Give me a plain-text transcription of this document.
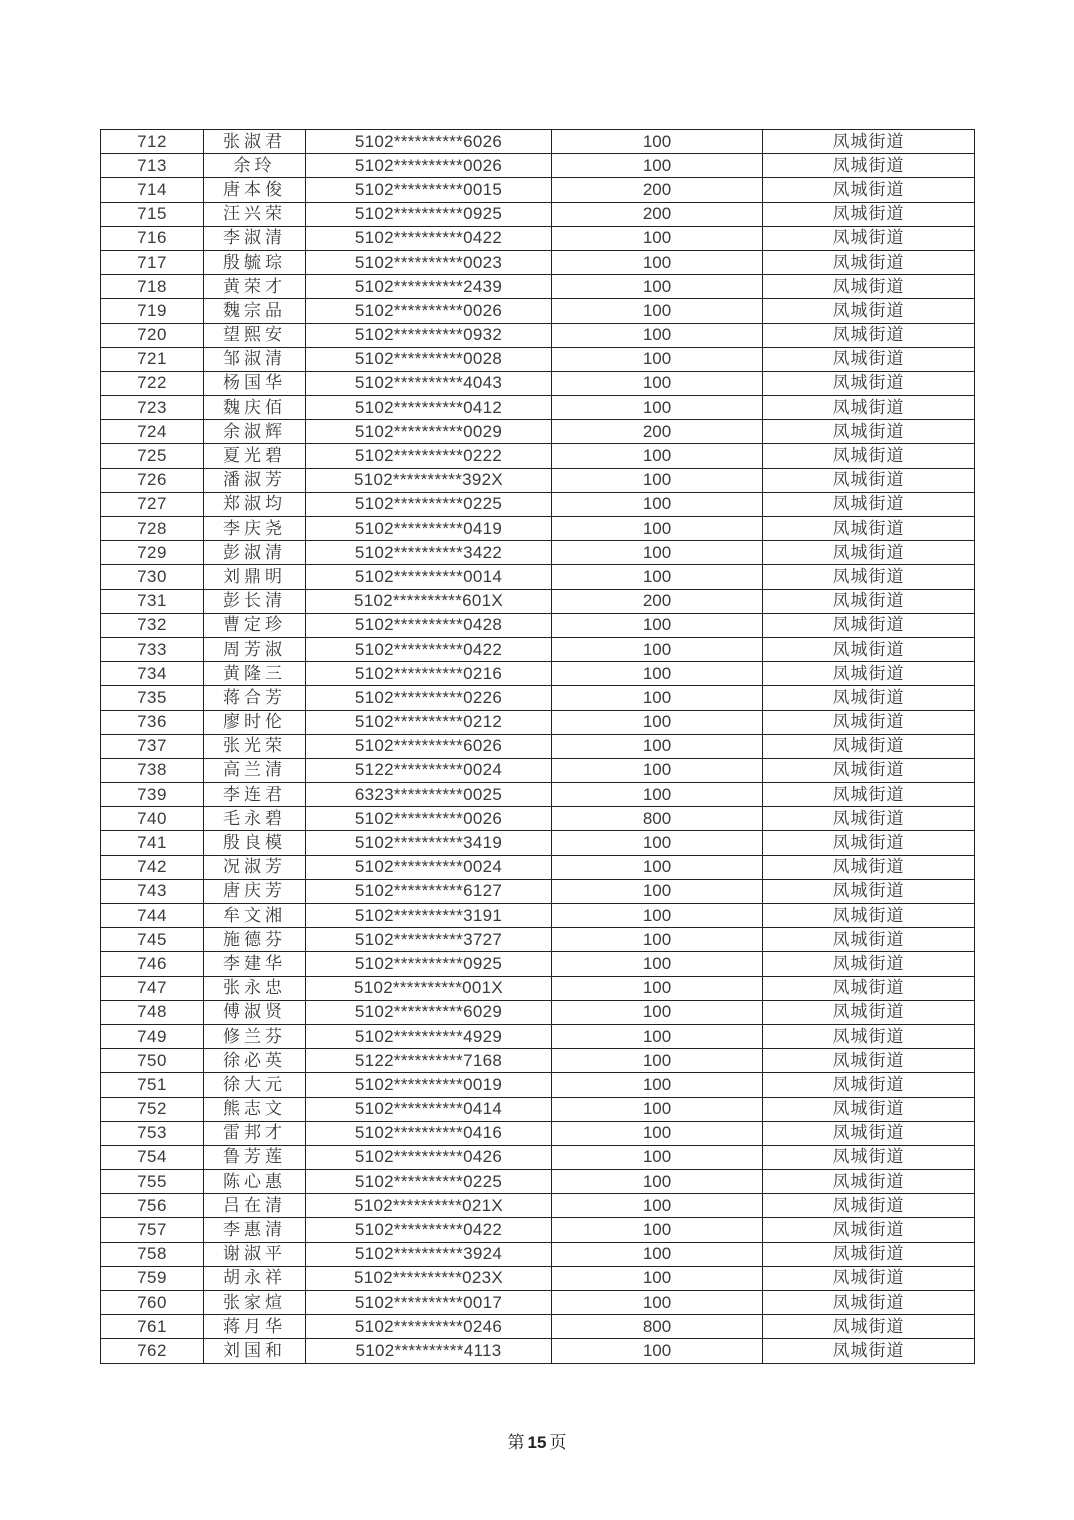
712	张淑君	5102**********6026	100	凤城街道
713	余玲	5102**********0026	100	凤城街道
714	唐本俊	5102**********0015	200	凤城街道
715	汪兴荣	5102**********0925	200	凤城街道
716	李淑清	5102**********0422	100	凤城街道
717	殷毓琮	5102**********0023	100	凤城街道
718	黄荣才	5102**********2439	100	凤城街道
719	魏宗品	5102**********0026	100	凤城街道
720	望熙安	5102**********0932	100	凤城街道
721	邹淑清	5102**********0028	100	凤城街道
722	杨国华	5102**********4043	100	凤城街道
723	魏庆佰	5102**********0412	100	凤城街道
724	余淑辉	5102**********0029	200	凤城街道
725	夏光碧	5102**********0222	100	凤城街道
726	潘淑芳	5102**********392X	100	凤城街道
727	郑淑均	5102**********0225	100	凤城街道
728	李庆尧	5102**********0419	100	凤城街道
729	彭淑清	5102**********3422	100	凤城街道
730	刘鼎明	5102**********0014	100	凤城街道
731	彭长清	5102**********601X	200	凤城街道
732	曹定珍	5102**********0428	100	凤城街道
733	周芳淑	5102**********0422	100	凤城街道
734	黄隆三	5102**********0216	100	凤城街道
735	蒋合芳	5102**********0226	100	凤城街道
736	廖时伦	5102**********0212	100	凤城街道
737	张光荣	5102**********6026	100	凤城街道
738	高兰清	5122**********0024	100	凤城街道
739	李连君	6323**********0025	100	凤城街道
740	毛永碧	5102**********0026	800	凤城街道
741	殷良模	5102**********3419	100	凤城街道
742	况淑芳	5102**********0024	100	凤城街道
743	唐庆芳	5102**********6127	100	凤城街道
744	牟文湘	5102**********3191	100	凤城街道
745	施德芬	5102**********3727	100	凤城街道
746	李建华	5102**********0925	100	凤城街道
747	张永忠	5102**********001X	100	凤城街道
748	傅淑贤	5102**********6029	100	凤城街道
749	修兰芬	5102**********4929	100	凤城街道
750	徐必英	5122**********7168	100	凤城街道
751	徐大元	5102**********0019	100	凤城街道
752	熊志文	5102**********0414	100	凤城街道
753	雷邦才	5102**********0416	100	凤城街道
754	鲁芳莲	5102**********0426	100	凤城街道
755	陈心惠	5102**********0225	100	凤城街道
756	吕在清	5102**********021X	100	凤城街道
757	李惠清	5102**********0422	100	凤城街道
758	谢淑平	5102**********3924	100	凤城街道
759	胡永祥	5102**********023X	100	凤城街道
760	张家煊	5102**********0017	100	凤城街道
761	蒋月华	5102**********0246	800	凤城街道
762	刘国和	5102**********4113	100	凤城街道
第 15 页
